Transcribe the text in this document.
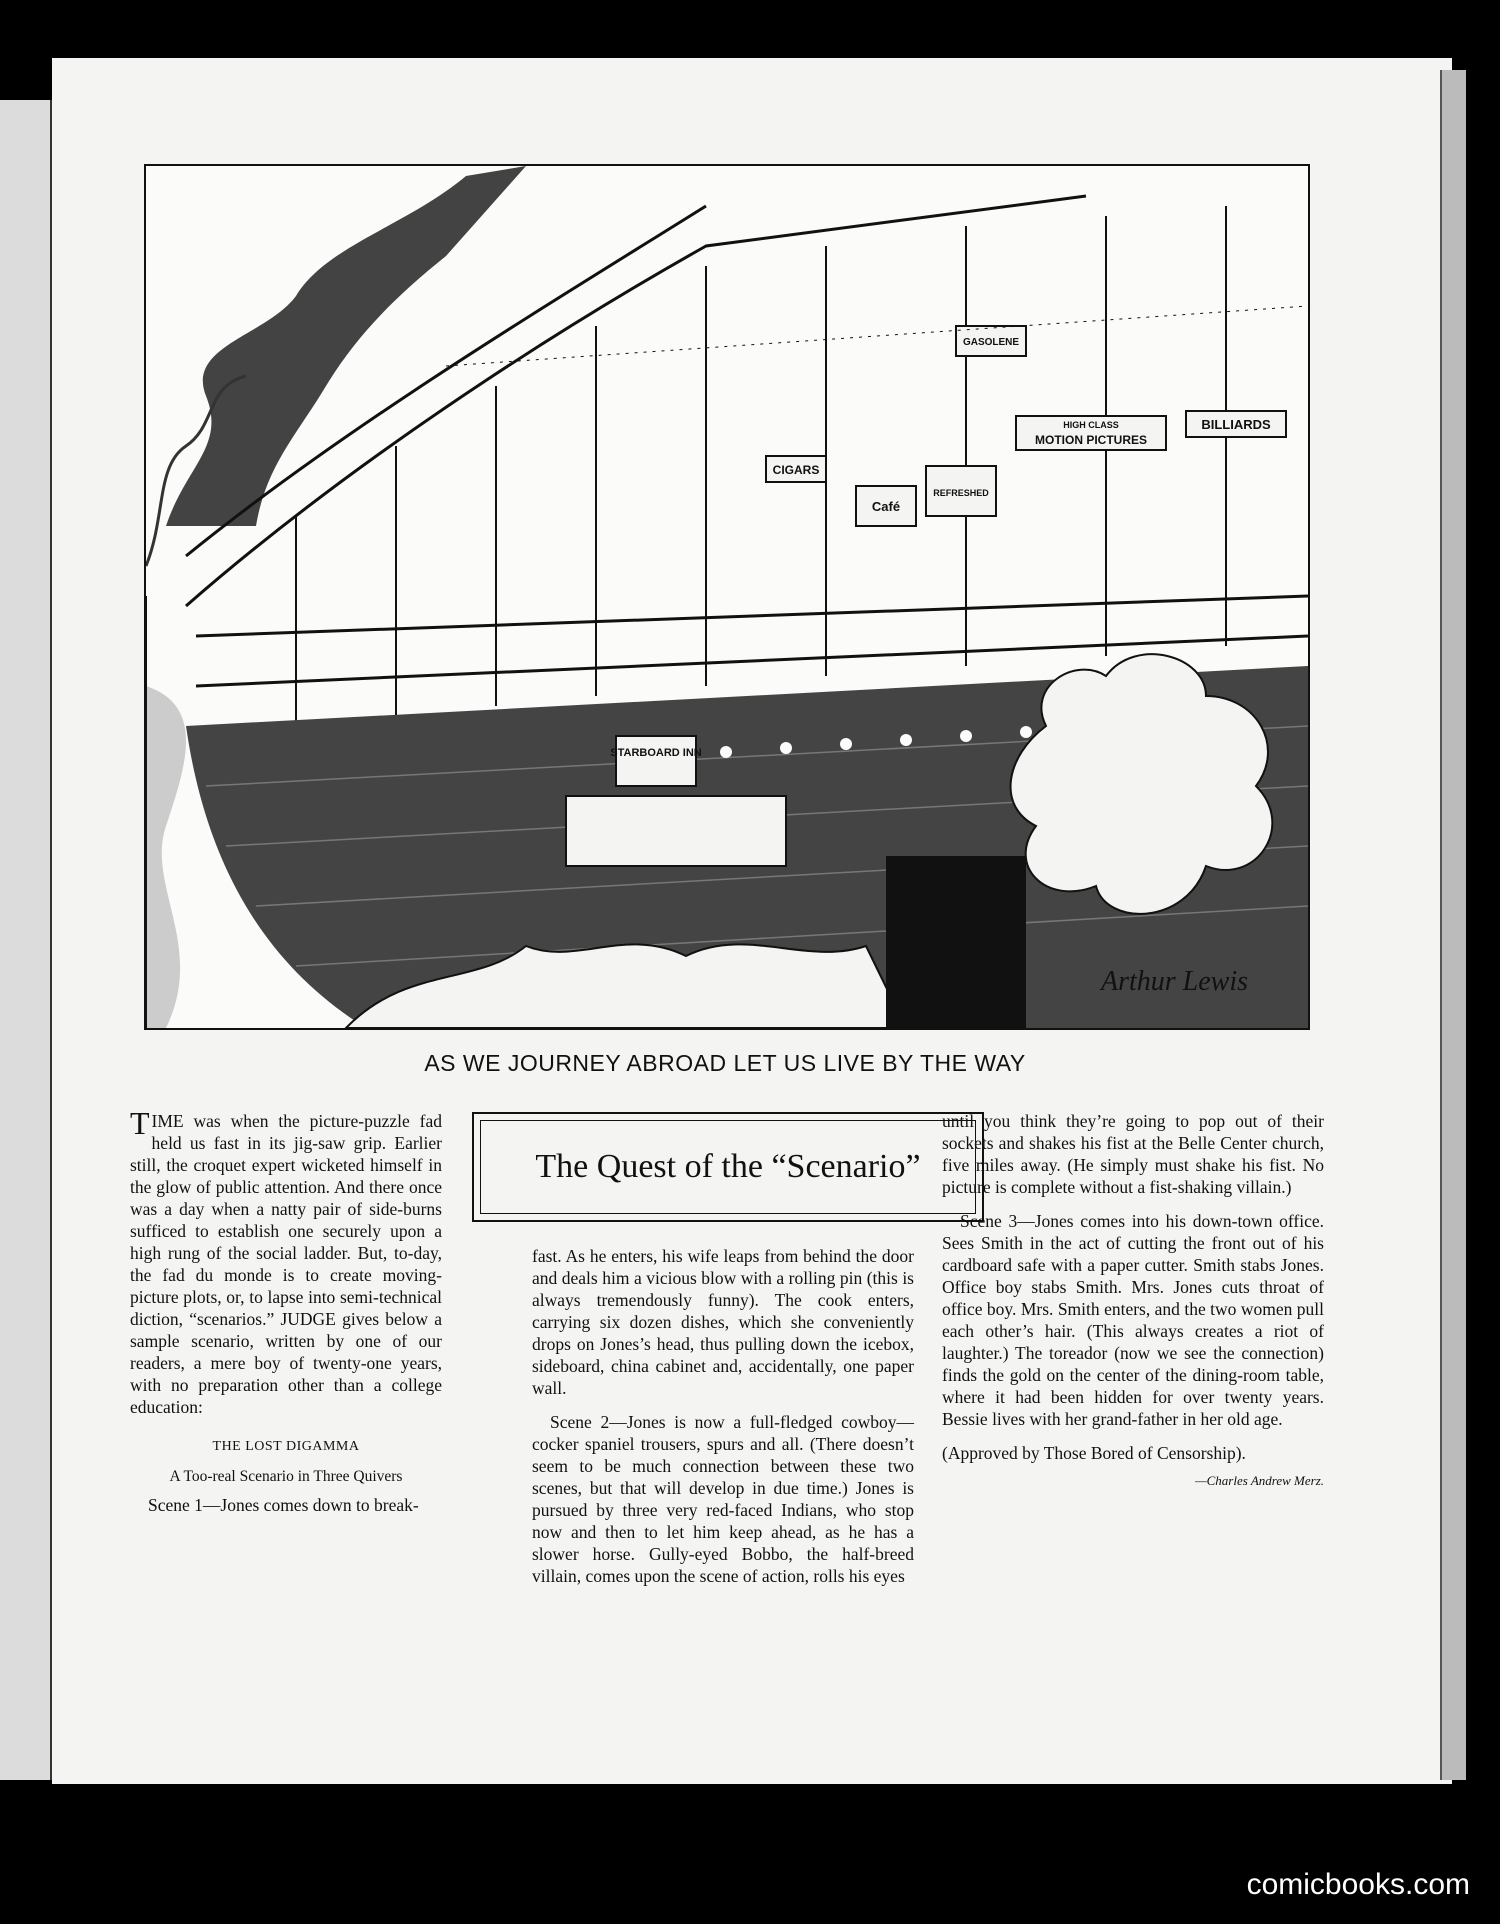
STARBOARD INN
HIGH CLASS
MOTION PICTURES
BILLIARDS
GASOLENE
CIGARS
Café
REFRESHED
Arthur Lewis
AS WE JOURNEY ABROAD LET US LIVE BY THE WAY
The Quest of the “Scenario”

TIME was when the picture-puzzle fad held us fast in its jig-saw grip. Earlier still, the croquet expert wicketed himself in the glow of public attention. And there once was a day when a natty pair of side-burns sufficed to establish one securely upon a high rung of the social ladder. But, to-day, the fad du monde is to create moving-picture plots, or, to lapse into semi-technical diction, “scenarios.” JUDGE gives below a sample scenario, written by one of our readers, a mere boy of twenty-one years, with no preparation other than a college education:

THE LOST DIGAMMA
A Too-real Scenario in Three Quivers

Scene 1—Jones comes down to break-

fast. As he enters, his wife leaps from behind the door and deals him a vicious blow with a rolling pin (this is always tremendously funny). The cook enters, carrying six dozen dishes, which she conveniently drops on Jones’s head, thus pulling down the icebox, sideboard, china cabinet and, accidentally, one paper wall.

Scene 2—Jones is now a full-fledged cowboy—cocker spaniel trousers, spurs and all. (There doesn’t seem to be much connection between these two scenes, but that will develop in due time.) Jones is pursued by three very red-faced Indians, who stop now and then to let him keep ahead, as he has a slower horse. Gully-eyed Bobbo, the half-breed villain, comes upon the scene of action, rolls his eyes

until you think they’re going to pop out of their sockets and shakes his fist at the Belle Center church, five miles away. (He simply must shake his fist. No picture is complete without a fist-shaking villain.)

Scene 3—Jones comes into his down-town office. Sees Smith in the act of cutting the front out of his cardboard safe with a paper cutter. Smith stabs Jones. Office boy stabs Smith. Mrs. Jones cuts throat of office boy. Mrs. Smith enters, and the two women pull each other’s hair. (This always creates a riot of laughter.) The toreador (now we see the connection) finds the gold on the center of the dining-room table, where it had been hidden for over twenty years. Bessie lives with her grand-father in her old age.

(Approved by Those Bored of Censorship).

—Charles Andrew Merz.

comicbooks.com
